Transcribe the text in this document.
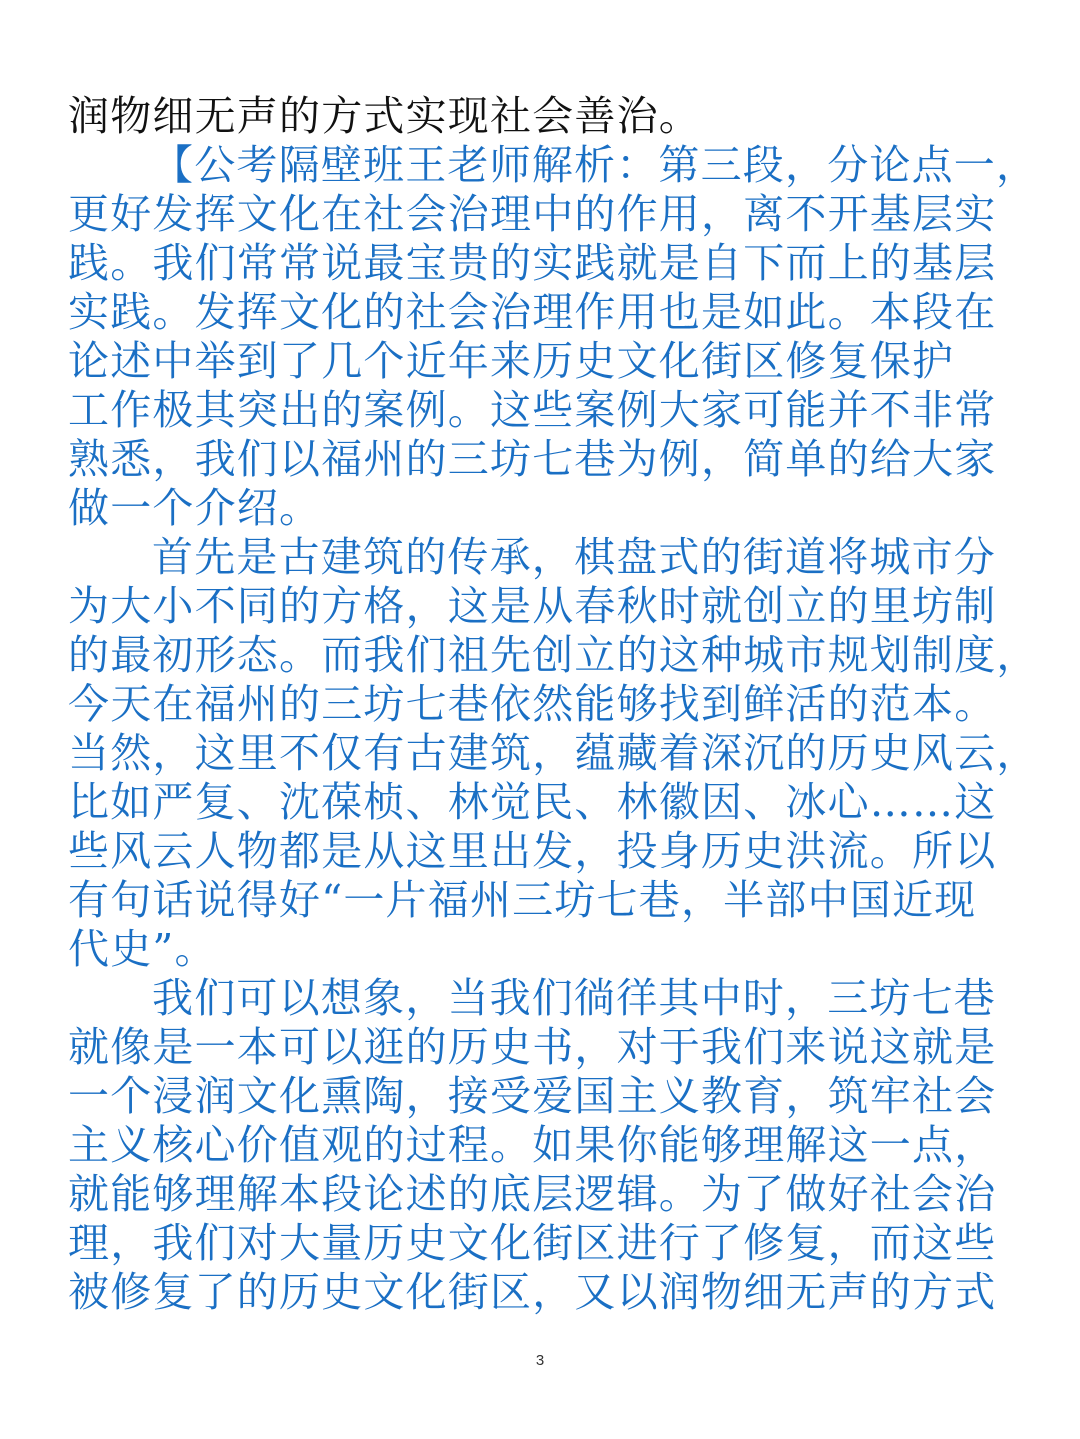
润物细无声的方式实现社会善治。
【公考隔壁班王老师解析：第三段，分论点一，
更好发挥文化在社会治理中的作用，离不开基层实
践。我们常常说最宝贵的实践就是自下而上的基层
实践。发挥文化的社会治理作用也是如此。本段在
论述中举到了几个近年来历史文化街区修复保护
工作极其突出的案例。这些案例大家可能并不非常
熟悉，我们以福州的三坊七巷为例，简单的给大家
做一个介绍。
首先是古建筑的传承，棋盘式的街道将城市分
为大小不同的方格，这是从春秋时就创立的里坊制
的最初形态。而我们祖先创立的这种城市规划制度，
今天在福州的三坊七巷依然能够找到鲜活的范本。
当然，这里不仅有古建筑，蕴藏着深沉的历史风云，
比如严复、沈葆桢、林觉民、林徽因、冰心……这
些风云人物都是从这里出发，投身历史洪流。所以
有句话说得好“一片福州三坊七巷，半部中国近现
代史”。
我们可以想象，当我们徜徉其中时，三坊七巷
就像是一本可以逛的历史书，对于我们来说这就是
一个浸润文化熏陶，接受爱国主义教育，筑牢社会
主义核心价值观的过程。如果你能够理解这一点，
就能够理解本段论述的底层逻辑。为了做好社会治
理，我们对大量历史文化街区进行了修复，而这些
被修复了的历史文化街区，又以润物细无声的方式
3
